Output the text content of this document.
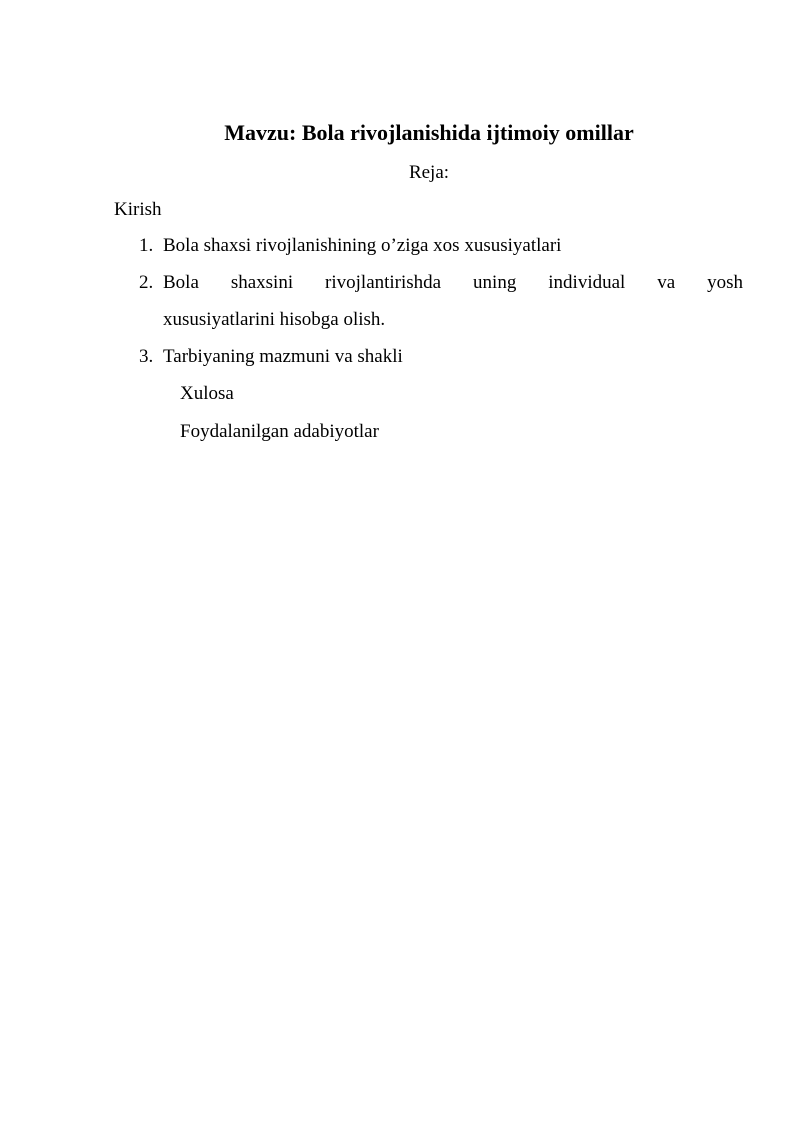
Mavzu: Bola rivojlanishida ijtimoiy omillar
Reja:
Kirish
1. Bola shaxsi rivojlanishining o’ziga xos xususiyatlari
2. Bola shaxsini rivojlantirishda uning individual va yosh
xususiyatlarini hisobga olish.
3. Tarbiyaning mazmuni va shakli
Xulosa
Foydalanilgan adabiyotlar
